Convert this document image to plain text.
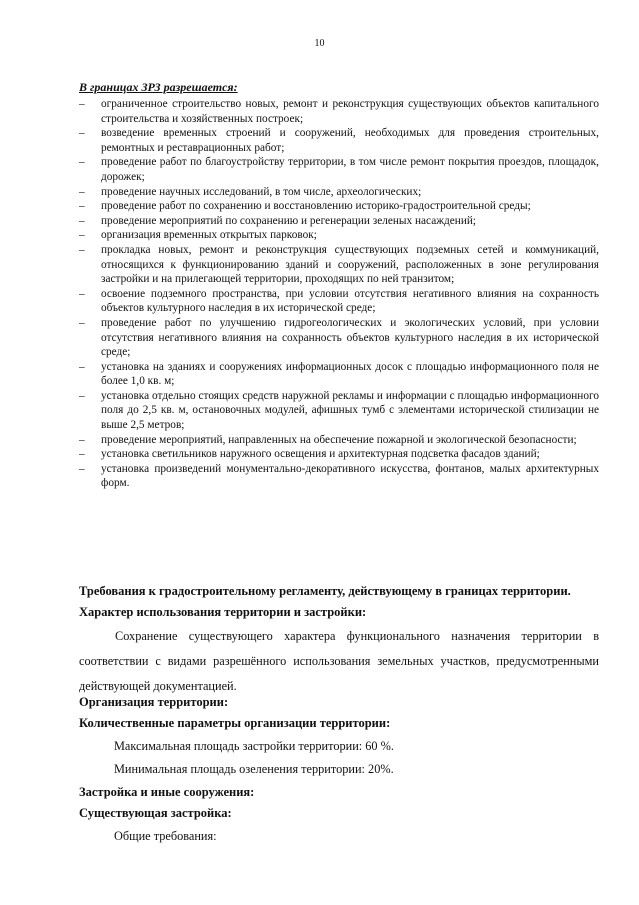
10
В границах ЗРЗ разрешается:
–	ограниченное строительство новых, ремонт и реконструкция существующих объектов капитального строительства и хозяйственных построек;
–	возведение временных строений и сооружений, необходимых для проведения строительных, ремонтных и реставрационных работ;
–	проведение работ по благоустройству территории, в том числе ремонт покрытия проездов, площадок, дорожек;
–	проведение научных исследований, в том числе, археологических;
–	проведение работ по сохранению и восстановлению историко-градостроительной среды;
–	проведение мероприятий по сохранению и регенерации зеленых насаждений;
–	организация временных открытых парковок;
–	прокладка новых, ремонт и реконструкция существующих подземных сетей и коммуникаций, относящихся к функционированию зданий и сооружений, расположенных в зоне регулирования застройки и на прилегающей территории, проходящих по ней транзитом;
–	освоение подземного пространства, при условии отсутствия негативного влияния на сохранность объектов культурного наследия в их исторической среде;
–	проведение работ по улучшению гидрогеологических и экологических условий, при условии отсутствия негативного влияния на сохранность объектов культурного наследия в их исторической среде;
–	установка на зданиях и сооружениях информационных досок с площадью информационного поля не более 1,0 кв. м;
–	установка отдельно стоящих средств наружной рекламы и информации с площадью информационного поля до 2,5 кв. м, остановочных модулей, афишных тумб с элементами исторической стилизации не выше 2,5 метров;
–	проведение мероприятий, направленных на обеспечение пожарной и экологической безопасности;
–	установка светильников наружного освещения и архитектурная подсветка фасадов зданий;
–	установка произведений монументально-декоративного искусства, фонтанов, малых архитектурных форм.
Требования к градостроительному регламенту, действующему в границах территории.
Характер использования территории и застройки:
Сохранение существующего характера функционального назначения территории в соответствии с видами разрешённого использования земельных участков, предусмотренными действующей документацией.
Организация территории:
Количественные параметры организации территории:
Максимальная площадь застройки территории: 60 %.
Минимальная площадь озеленения территории: 20%.
Застройка и иные сооружения:
Существующая застройка:
Общие требования:
